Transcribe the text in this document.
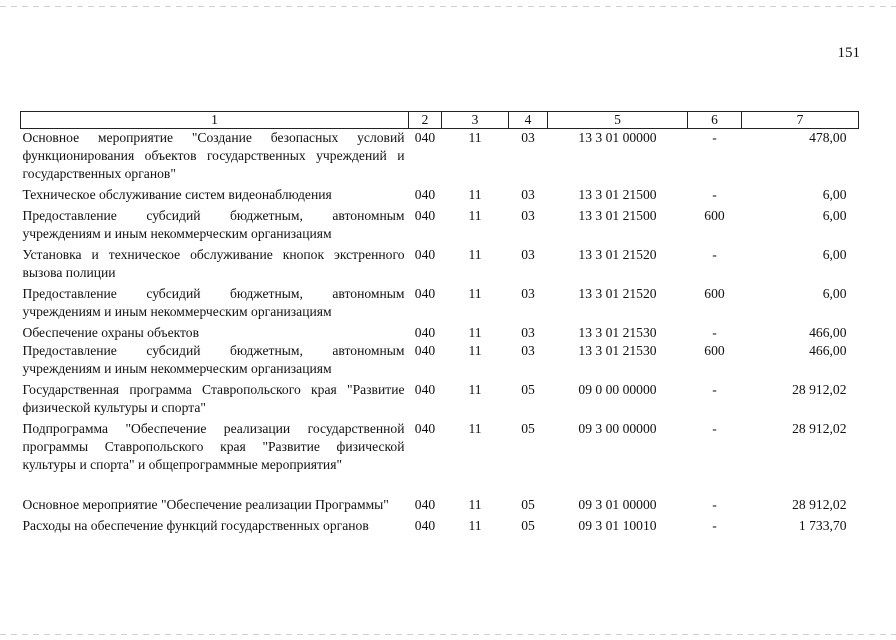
151
1	2	3	4	5	6	7
Основное мероприятие "Создание безопасных условий функционирования объектов государственных учреждений и государственных органов"	040	11	03	13 3 01 00000	-	478,00
Техническое обслуживание систем видеонаблюдения	040	11	03	13 3 01 21500	-	6,00
Предоставление субсидий бюджетным, автономным учреждениям и иным некоммерческим организациям	040	11	03	13 3 01 21500	600	6,00
Установка и техническое обслуживание кнопок экстренного вызова полиции	040	11	03	13 3 01 21520	-	6,00
Предоставление субсидий бюджетным, автономным учреждениям и иным некоммерческим организациям	040	11	03	13 3 01 21520	600	6,00
Обеспечение охраны объектов	040	11	03	13 3 01 21530	-	466,00
Предоставление субсидий бюджетным, автономным учреждениям и иным некоммерческим организациям	040	11	03	13 3 01 21530	600	466,00
Государственная программа Ставропольского края "Развитие физической культуры и спорта"	040	11	05	09 0 00 00000	-	28 912,02
Подпрограмма "Обеспечение реализации государственной программы Ставропольского края "Развитие физической культуры и спорта" и общепрограммные мероприятия"	040	11	05	09 3 00 00000	-	28 912,02
Основное мероприятие "Обеспечение реализации Программы"	040	11	05	09 3 01 00000	-	28 912,02
Расходы на обеспечение функций государственных органов	040	11	05	09 3 01 10010	-	1 733,70
